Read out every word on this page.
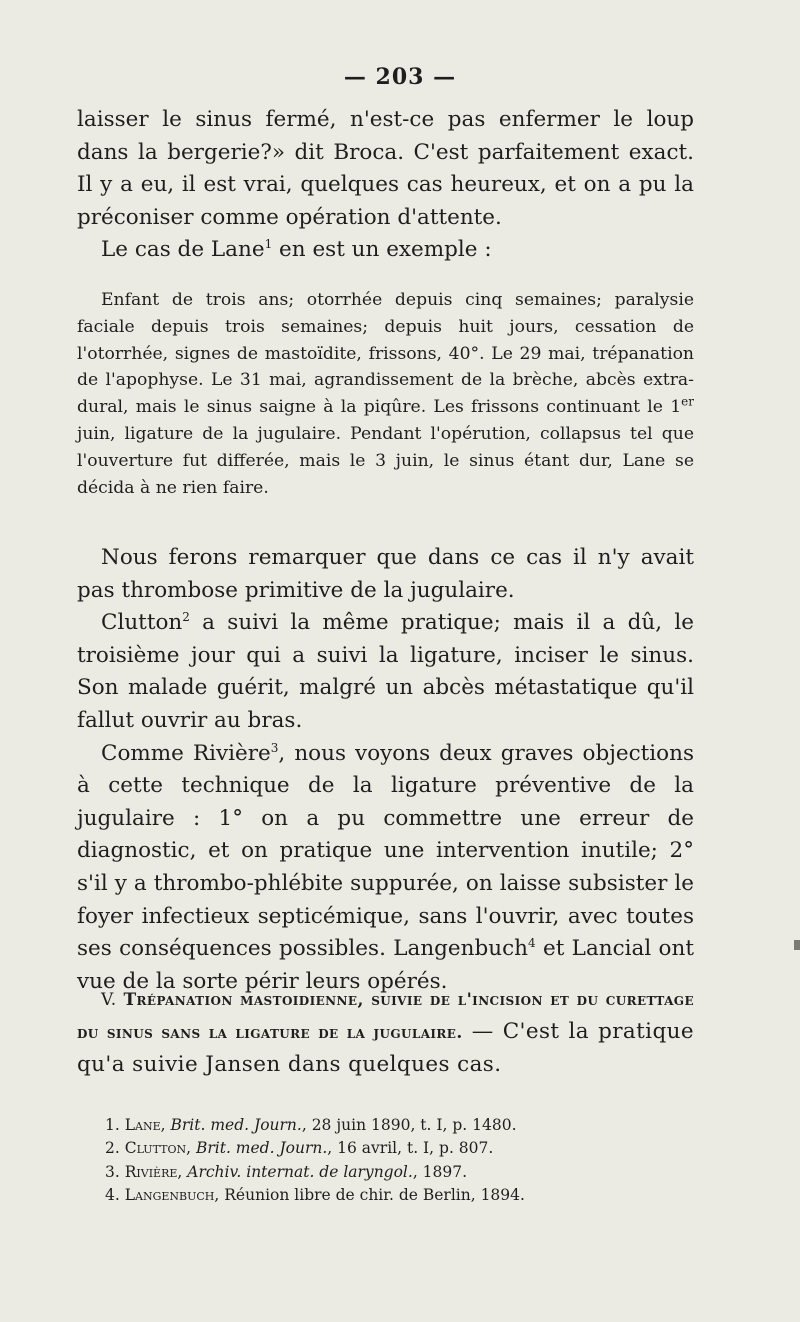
— 203 —

laisser le sinus fermé, n'est-ce pas enfermer le loup dans la bergerie?» dit Broca. C'est parfaitement exact. Il y a eu, il est vrai, quelques cas heureux, et on a pu la préconiser comme opération d'attente.

Le cas de Lane$^1$ en est un exemple :

Enfant de trois ans; otorrhée depuis cinq semaines; paralysie faciale depuis trois semaines; depuis huit jours, cessation de l'otorrhée, signes de mastoïdite, frissons, 40°. Le 29 mai, trépanation de l'apophyse. Le 31 mai, agrandissement de la brèche, abcès extra-dural, mais le sinus saigne à la piqûre. Les frissons continuant le 1er juin, ligature de la jugulaire. Pendant l'opérution, collapsus tel que l'ouverture fut differée, mais le 3 juin, le sinus étant dur, Lane se décida à ne rien faire.

Nous ferons remarquer que dans ce cas il n'y avait pas thrombose primitive de la jugulaire.

Clutton$^2$ a suivi la même pratique; mais il a dû, le troisième jour qui a suivi la ligature, inciser le sinus. Son malade guérit, malgré un abcès métastatique qu'il fallut ouvrir au bras.

Comme Rivière$^3$, nous voyons deux graves objections à cette technique de la ligature préventive de la jugulaire : 1° on a pu commettre une erreur de diagnostic, et on pratique une intervention inutile; 2° s'il y a thrombo-phlébite suppurée, on laisse subsister le foyer infectieux septicémique, sans l'ouvrir, avec toutes ses conséquences possibles. Langenbuch$^4$ et Lancial ont vue de la sorte périr leurs opérés.

V. Trépanation mastoidienne, suivie de l'incision et du curettage du sinus sans la ligature de la jugulaire. — C'est la pratique qu'a suivie Jansen dans quelques cas.

1. Lane, Brit. med. Journ., 28 juin 1890, t. I, p. 1480.

2. Clutton, Brit. med. Journ., 16 avril, t. I, p. 807.

3. Rivière, Archiv. internat. de laryngol., 1897.

4. Langenbuch, Réunion libre de chir. de Berlin, 1894.
